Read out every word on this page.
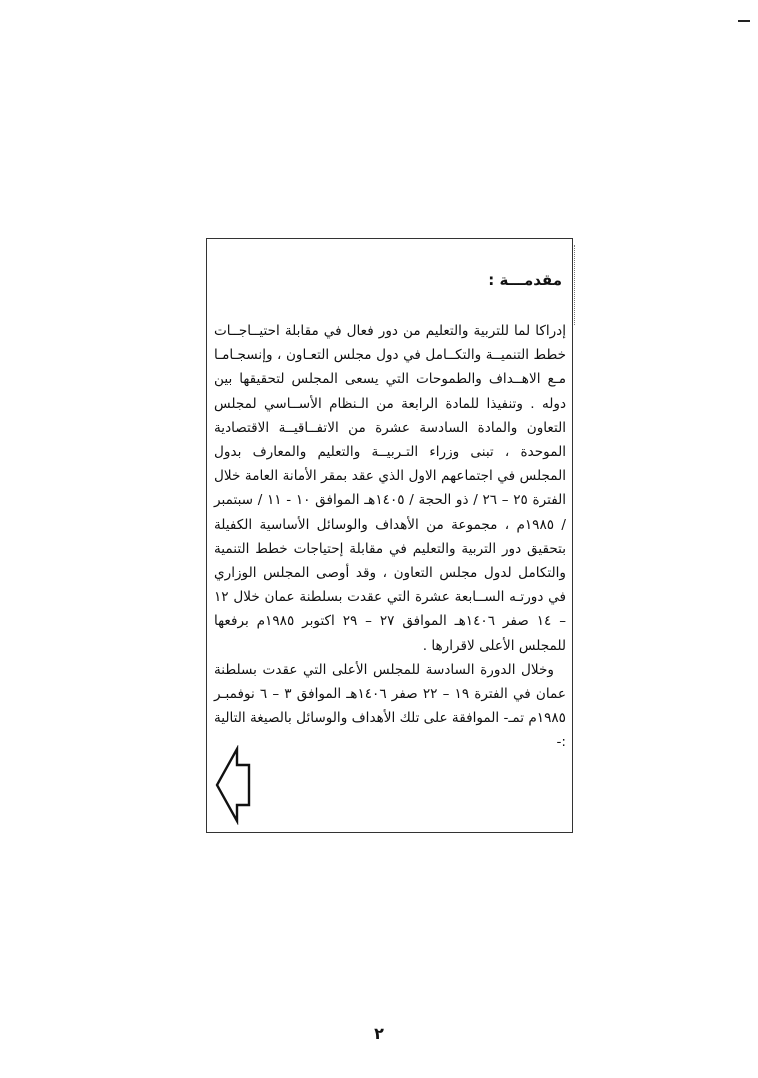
مقدمـــة :

إدراكا لما للتربية والتعليم من دور فعال في مقابلة احتيــاجــات خطط التنميــة والتكــامل في دول مجلس التعـاون ، وإنسجـامـا مـع الاهــداف والطموحات التي يسعى المجلس لتحقيقها بين دوله . وتنفيذا للمادة الرابعة من الـنظام الأســاسي لمجلس التعاون والمادة السادسة عشرة من الاتفــاقيــة الاقتصادية الموحدة ، تبنى وزراء التـربيــة والتعليم والمعارف بدول المجلس في اجتماعهم الاول الذي عقد بمقر الأمانة العامة خلال الفترة ٢٥ – ٢٦ / ذو الحجة / ١٤٠٥هـ الموافق ١٠ - ١١ / سبتمبر / ١٩٨٥م ، مجموعة من الأهداف والوسائل الأساسية الكفيلة بتحقيق دور التربية والتعليم في مقابلة إحتياجات خطط التنمية والتكامل لدول مجلس التعاون ، وقد أوصى المجلس الوزاري في دورتـه الســابعة عشرة التي عقدت بسلطنة عمان خلال ١٢ – ١٤ صفر ١٤٠٦هـ الموافق ٢٧ – ٢٩ اكتوبر ١٩٨٥م برفعها للمجلس الأعلى لاقرارها .

وخلال الدورة السادسة للمجلس الأعلى التي عقدت بسلطنة عمان في الفترة ١٩ – ٢٢ صفر ١٤٠٦هـ الموافق ٣ – ٦ نوفمبـر ١٩٨٥م تمـ- الموافقة على تلك الأهداف والوسائل بالصيغة التالية :-

٢
